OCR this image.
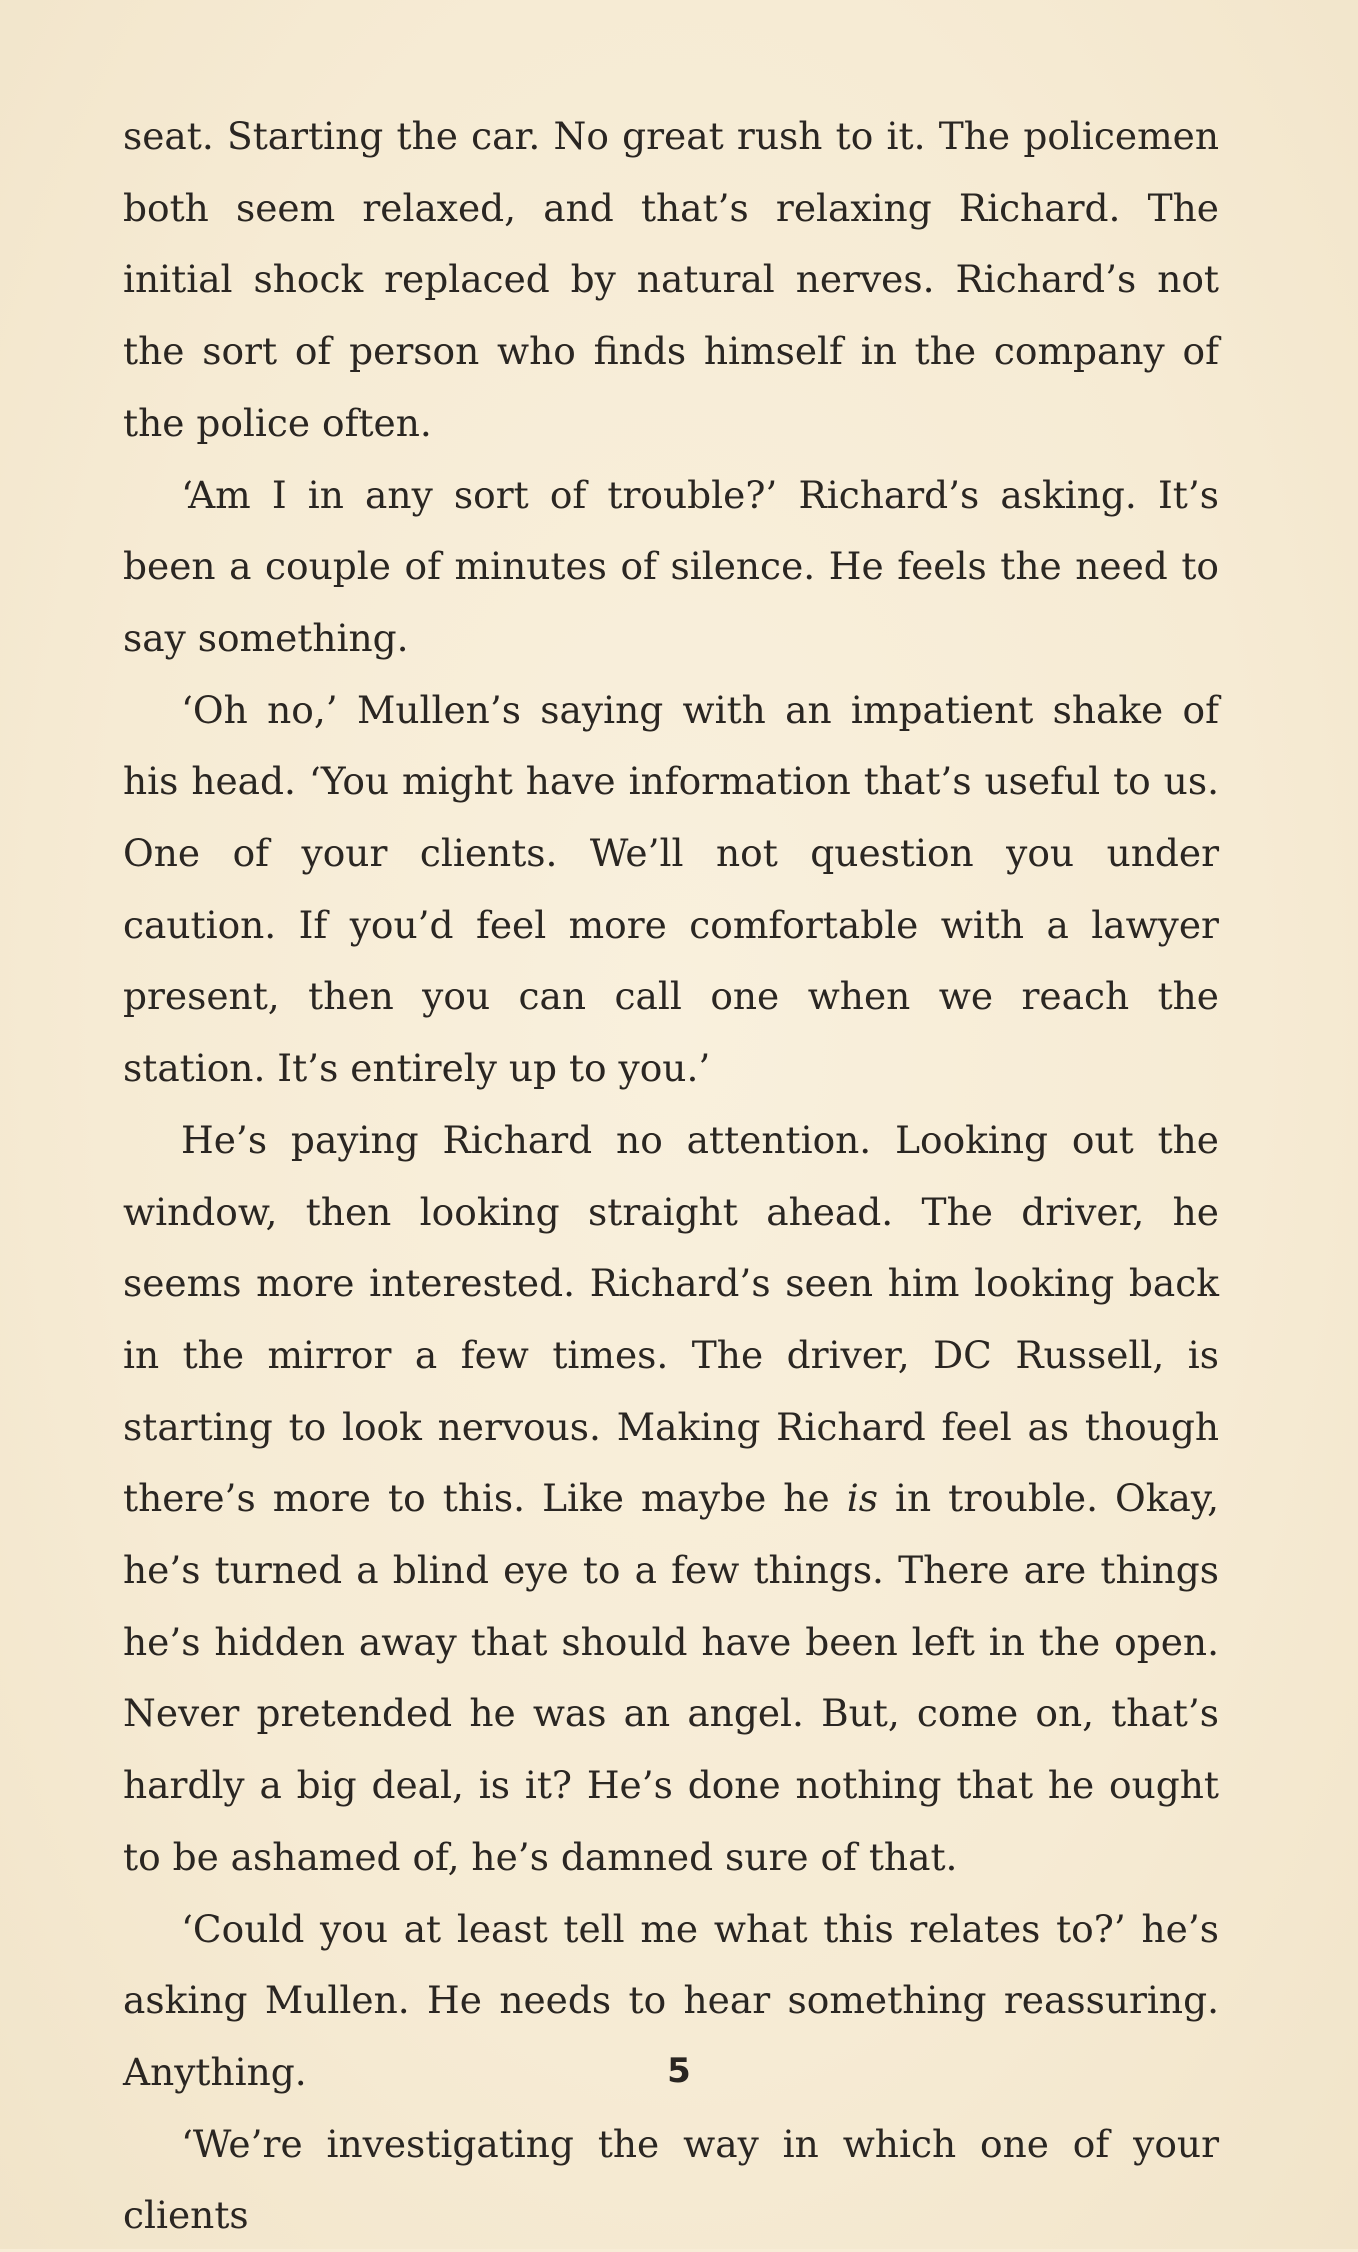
seat. Starting the car. No great rush to it. The policemen both seem relaxed, and that’s relaxing Richard. The initial shock replaced by natural nerves. Richard’s not the sort of person who finds himself in the company of the police often.

‘Am I in any sort of trouble?’ Richard’s asking. It’s been a couple of minutes of silence. He feels the need to say something.

‘Oh no,’ Mullen’s saying with an impatient shake of his head. ‘You might have information that’s useful to us. One of your clients. We’ll not question you under caution. If you’d feel more comfortable with a lawyer present, then you can call one when we reach the station. It’s entirely up to you.’

He’s paying Richard no attention. Looking out the window, then looking straight ahead. The driver, he seems more interested. Richard’s seen him looking back in the mirror a few times. The driver, DC Russell, is starting to look nervous. Making Richard feel as though there’s more to this. Like maybe he is in trouble. Okay, he’s turned a blind eye to a few things. There are things he’s hidden away that should have been left in the open. Never pretended he was an angel. But, come on, that’s hardly a big deal, is it? He’s done nothing that he ought to be ashamed of, he’s damned sure of that.

‘Could you at least tell me what this relates to?’ he’s asking Mullen. He needs to hear something reassuring. Anything.

‘We’re investigating the way in which one of your clients

5
